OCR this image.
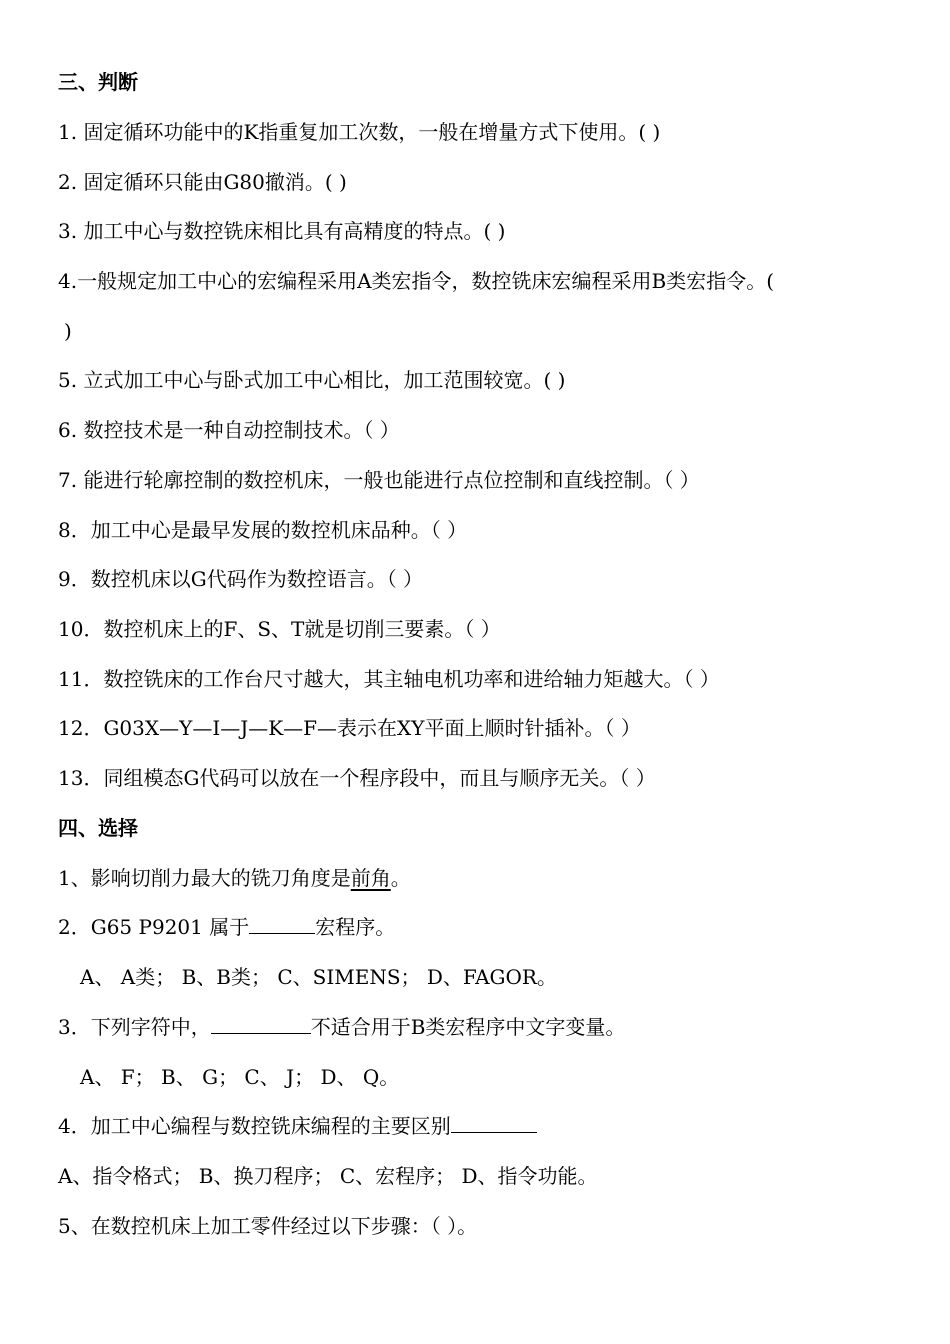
三、判断
1. 固定循环功能中的K指重复加工次数，一般在增量方式下使用。( )
2. 固定循环只能由G80撤消。( )
3. 加工中心与数控铣床相比具有高精度的特点。( )
4.一般规定加工中心的宏编程采用A类宏指令，数控铣床宏编程采用B类宏指令。(
)
5. 立式加工中心与卧式加工中心相比，加工范围较宽。( )
6. 数控技术是一种自动控制技术。（ ）
7. 能进行轮廓控制的数控机床，一般也能进行点位控制和直线控制。（ ）
8．加工中心是最早发展的数控机床品种。（ ）
9．数控机床以G代码作为数控语言。（ ）
10．数控机床上的F、S、T就是切削三要素。（ ）
11．数控铣床的工作台尺寸越大，其主轴电机功率和进给轴力矩越大。（ ）
12．G03X—Y—I—J—K—F—表示在XY平面上顺时针插补。（ ）
13．同组模态G代码可以放在一个程序段中，而且与顺序无关。（ ）
四、选择
1、影响切削力最大的铣刀角度是前角。
2．G65 P9201 属于	宏程序。
A、 A类； B、B类； C、SIMENS； D、FAGOR。
3．下列字符中，	不适合用于B类宏程序中文字变量。
A、 F； B、 G； C、 J； D、 Q。
4．加工中心编程与数控铣床编程的主要区别
A、指令格式； B、换刀程序； C、宏程序； D、指令功能。
5、在数控机床上加工零件经过以下步骤：（ ）。
